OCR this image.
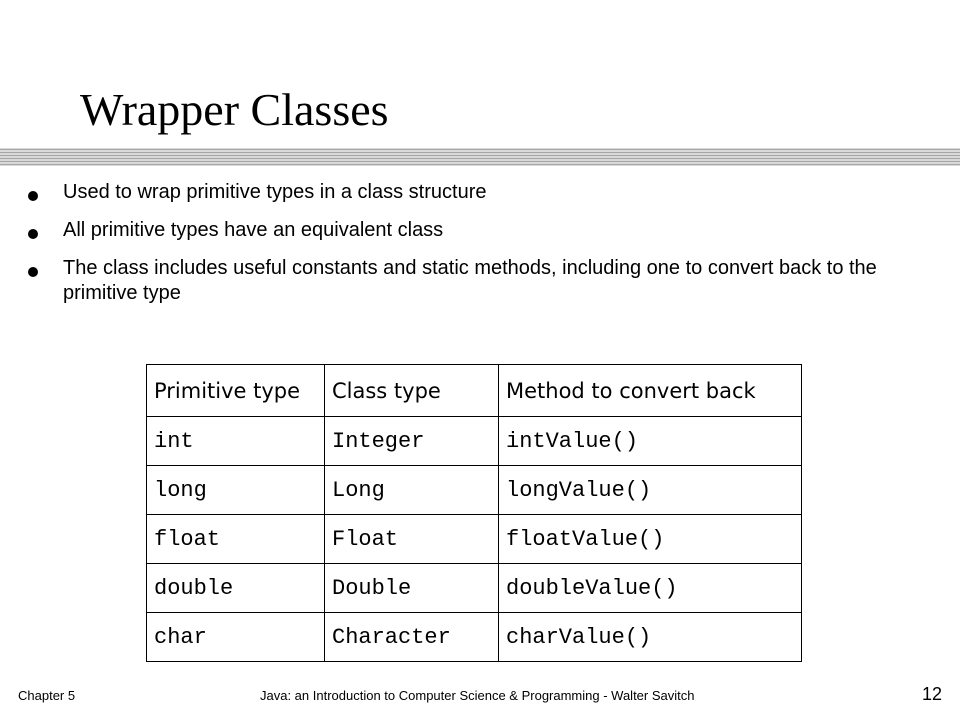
Wrapper Classes
Used to wrap primitive types in a class structure
All primitive types have an equivalent class
The class includes useful constants and static methods, including one to convert back to the primitive type
Primitive type	Class type	Method to convert back
int	Integer	intValue()
long	Long	longValue()
float	Float	floatValue()
double	Double	doubleValue()
char	Character	charValue()
Chapter 5	Java: an Introduction to Computer Science & Programming - Walter Savitch	12
